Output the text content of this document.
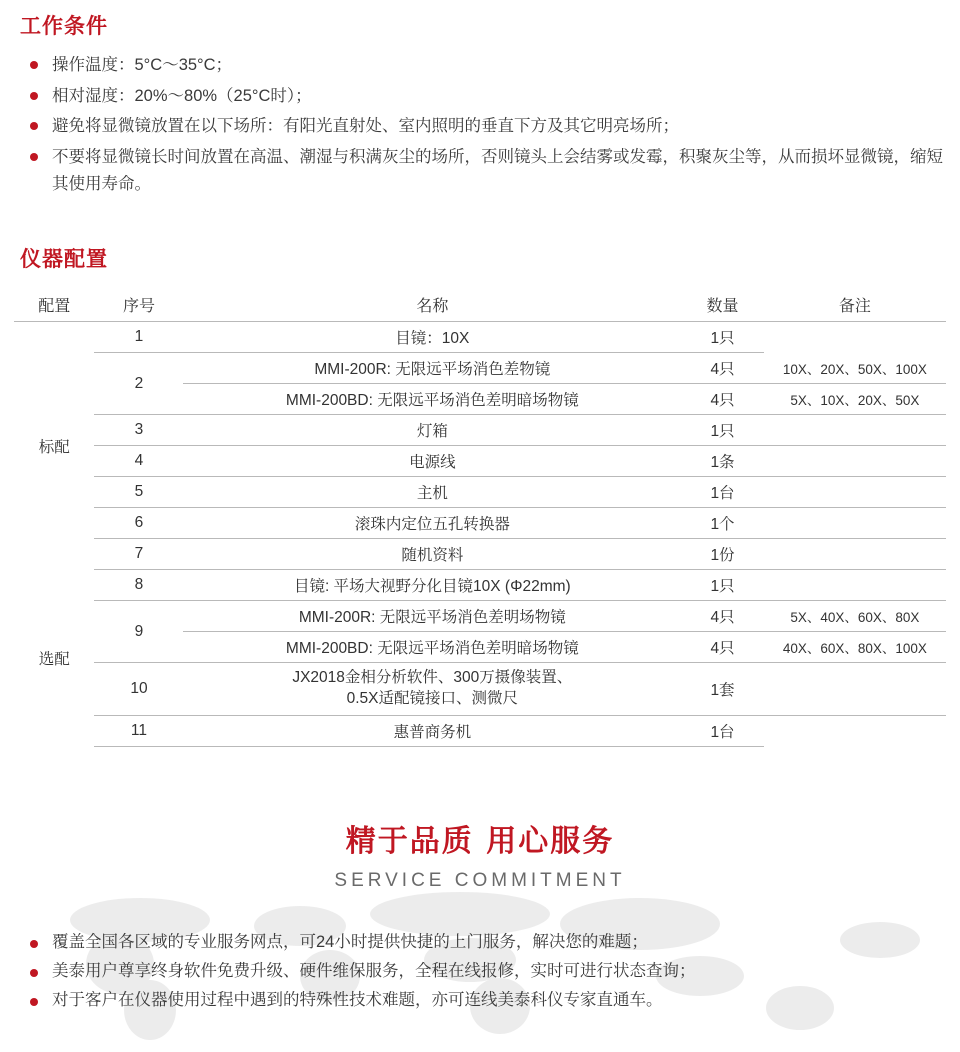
工作条件
操作温度：5°C～35°C；
相对湿度：20%～80%（25°C时）；
避免将显微镜放置在以下场所：有阳光直射处、室内照明的垂直下方及其它明亮场所；
不要将显微镜长时间放置在高温、潮湿与积满灰尘的场所，否则镜头上会结雾或发霉，积聚灰尘等，从而损坏显微镜，缩短其使用寿命。
仪器配置
配置	序号	名称	数量	备注
标配	1	目镜：10X	1只	
	2	MMI-200R: 无限远平场消色差物镜	4只	10X、20X、50X、100X
		MMI-200BD: 无限远平场消色差明暗场物镜	4只	5X、10X、20X、50X
	3	灯箱	1只	
	4	电源线	1条	
	5	主机	1台	
	6	滚珠内定位五孔转换器	1个	
	7	随机资料	1份	
选配	8	目镜: 平场大视野分化目镜10X (Φ22mm)	1只	
	9	MMI-200R: 无限远平场消色差明场物镜	4只	5X、40X、60X、80X
		MMI-200BD: 无限远平场消色差明暗场物镜	4只	40X、60X、80X、100X
	10	JX2018金相分析软件、300万摄像装置、
0.5X适配镜接口、测微尺	1套	
	11	惠普商务机	1台	
精于品质 用心服务
SERVICE COMMITMENT
覆盖全国各区域的专业服务网点，可24小时提供快捷的上门服务，解决您的难题；
美泰用户尊享终身软件免费升级、硬件维保服务，全程在线报修，实时可进行状态查询；
对于客户在仪器使用过程中遇到的特殊性技术难题，亦可连线美泰科仪专家直通车。
